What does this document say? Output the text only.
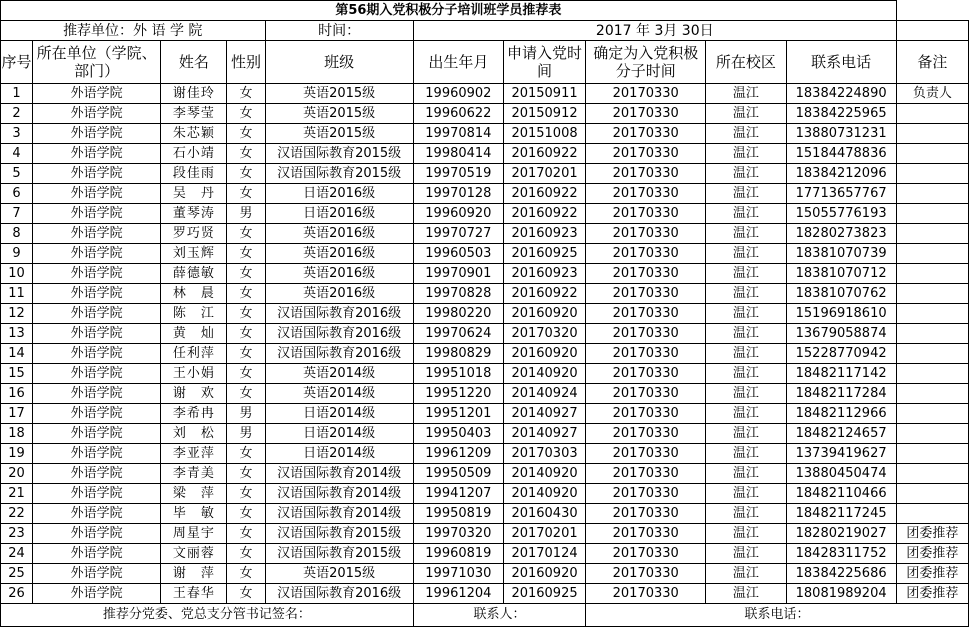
第56期入党积极分子培训班学员推荐表										
推荐单位：外 语 学 院				时间：	2017 年 3月 30日					
序号	所在单位（学院、部门）	姓名	性别	班级	出生年月	申请入党时间	确定为入党积极分子时间	所在校区	联系电话	备注
1	外语学院	谢佳玲	女	英语2015级	19960902	20150911	20170330	温江	18384224890	负责人
2	外语学院	李琴莹	女	英语2015级	19960622	20150912	20170330	温江	18384225965	
3	外语学院	朱芯颖	女	英语2015级	19970814	20151008	20170330	温江	13880731231	
4	外语学院	石小靖	女	汉语国际教育2015级	19980414	20160922	20170330	温江	15184478836	
5	外语学院	段佳雨	女	汉语国际教育2015级	19970519	20170201	20170330	温江	18384212096	
6	外语学院	吴　丹	女	日语2016级	19970128	20160922	20170330	温江	17713657767	
7	外语学院	董琴涛	男	日语2016级	19960920	20160922	20170330	温江	15055776193	
8	外语学院	罗巧贤	女	英语2016级	19970727	20160923	20170330	温江	18280273823	
9	外语学院	刘玉辉	女	英语2016级	19960503	20160925	20170330	温江	18381070739	
10	外语学院	薛德敏	女	英语2016级	19970901	20160923	20170330	温江	18381070712	
11	外语学院	林　晨	女	英语2016级	19970828	20160922	20170330	温江	18381070762	
12	外语学院	陈　江	女	汉语国际教育2016级	19980220	20160920	20170330	温江	15196918610	
13	外语学院	黄　灿	女	汉语国际教育2016级	19970624	20170320	20170330	温江	13679058874	
14	外语学院	任利萍	女	汉语国际教育2016级	19980829	20160920	20170330	温江	15228770942	
15	外语学院	王小娟	女	英语2014级	19951018	20140920	20170330	温江	18482117142	
16	外语学院	谢　欢	女	英语2014级	19951220	20140924	20170330	温江	18482117284	
17	外语学院	李希冉	男	日语2014级	19951201	20140927	20170330	温江	18482112966	
18	外语学院	刘　松	男	日语2014级	19950403	20140927	20170330	温江	18482124657	
19	外语学院	李亚萍	女	日语2014级	19961209	20170303	20170330	温江	13739419627	
20	外语学院	李青美	女	汉语国际教育2014级	19950509	20140920	20170330	温江	13880450474	
21	外语学院	梁　萍	女	汉语国际教育2014级	19941207	20140920	20170330	温江	18482110466	
22	外语学院	毕　敏	女	汉语国际教育2014级	19950819	20160430	20170330	温江	18482117245	
23	外语学院	周星宇	女	汉语国际教育2015级	19970320	20170201	20170330	温江	18280219027	团委推荐
24	外语学院	文丽蓉	女	汉语国际教育2015级	19960819	20170124	20170330	温江	18428311752	团委推荐
25	外语学院	谢　萍	女	英语2015级	19971030	20160920	20170330	温江	18384225686	团委推荐
26	外语学院	王春华	女	汉语国际教育2016级	19961204	20160925	20170330	温江	18081989204	团委推荐
推荐分党委、党总支分管书记签名：					联系人：		联系电话：			
